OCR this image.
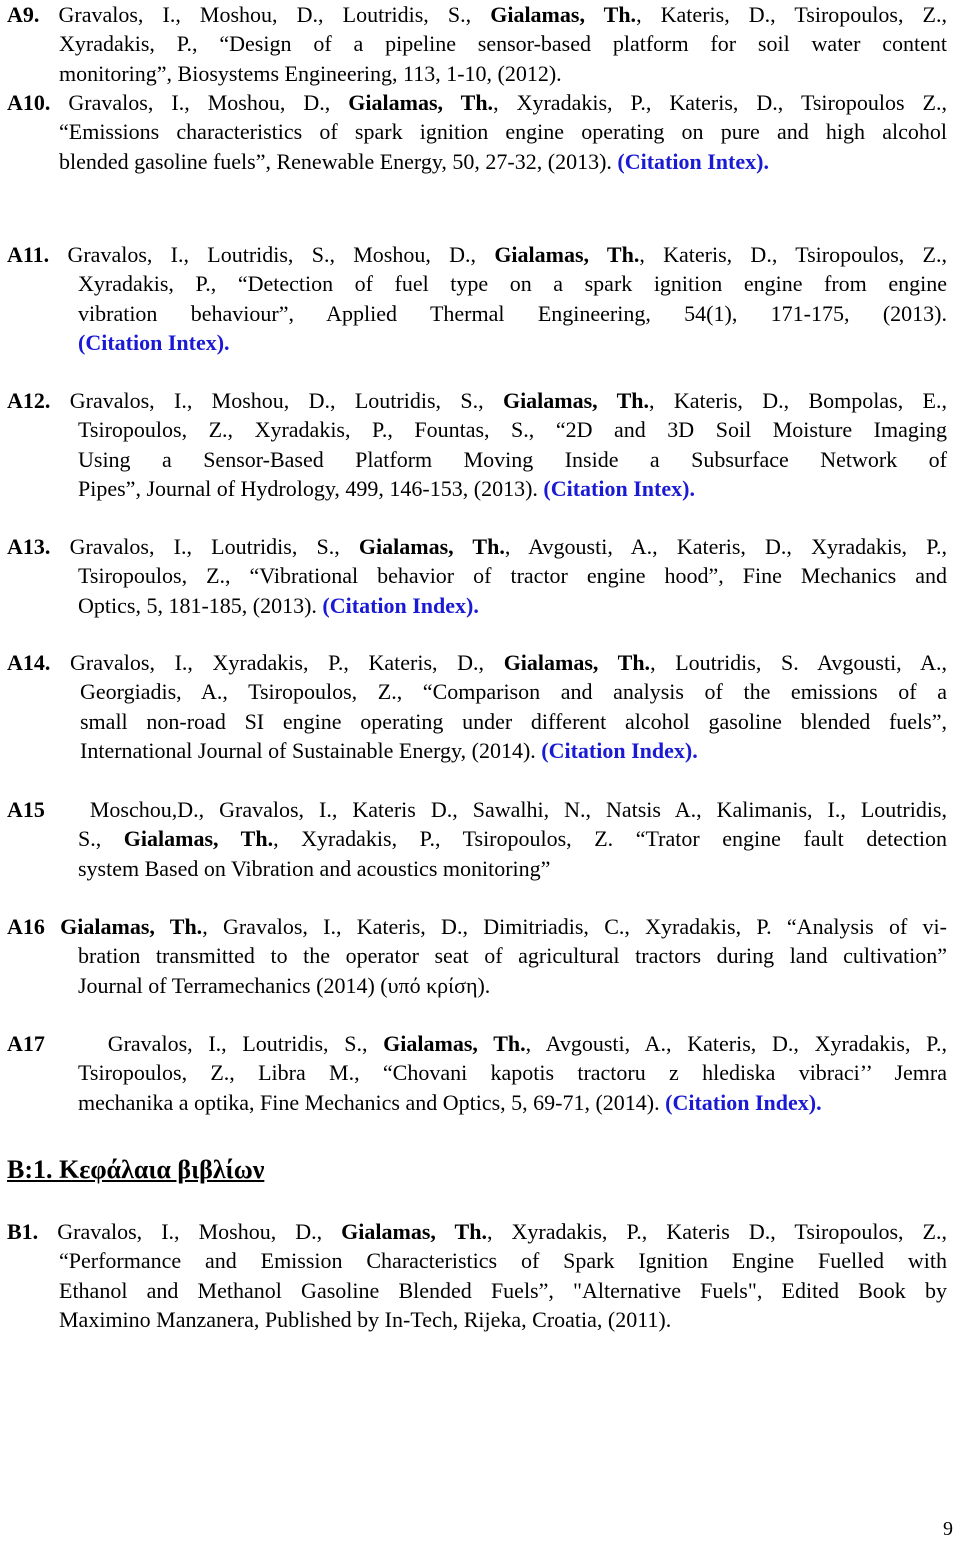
A9. Gravalos, I., Moshou, D., Loutridis, S., Gialamas, Th., Kateris, D., Tsiropoulos, Z.,
Xyradakis, P., “Design of a pipeline sensor-based platform for soil water content
monitoring”, Biosystems Engineering, 113, 1-10, (2012).
A10. Gravalos, I., Moshou, D., Gialamas, Th., Xyradakis, P., Kateris, D., Tsiropoulos Z.,
“Emissions characteristics of spark ignition engine operating on pure and high alcohol
blended gasoline fuels”, Renewable Energy, 50, 27-32, (2013). (Citation Intex).
A11. Gravalos, I., Loutridis, S., Moshou, D., Gialamas, Th., Kateris, D., Tsiropoulos, Z.,
Xyradakis, P., “Detection of fuel type on a spark ignition engine from engine
vibration behaviour”, Applied Thermal Engineering, 54(1), 171-175, (2013).
(Citation Intex).
A12. Gravalos, I., Moshou, D., Loutridis, S., Gialamas, Th., Kateris, D., Bompolas, E.,
Tsiropoulos, Z., Xyradakis, P., Fountas, S., “2D and 3D Soil Moisture Imaging
Using a Sensor-Based Platform Moving Inside a Subsurface Network of
Pipes”, Journal of Hydrology, 499, 146-153, (2013). (Citation Intex).
A13. Gravalos, I., Loutridis, S., Gialamas, Th., Avgousti, A., Kateris, D., Xyradakis, P.,
Tsiropoulos, Z., “Vibrational behavior of tractor engine hood”, Fine Mechanics and
Optics, 5, 181-185, (2013). (Citation Index).
A14. Gravalos, I., Xyradakis, P., Kateris, D., Gialamas, Th., Loutridis, S. Avgousti, A.,
Georgiadis, A., Tsiropoulos, Z., “Comparison and analysis of the emissions of a
small non-road SI engine operating under different alcohol gasoline blended fuels”,
International Journal of Sustainable Energy, (2014). (Citation Index).
A15   Moschou,D., Gravalos, I., Kateris D., Sawalhi, N., Natsis A., Kalimanis, I., Loutridis,
S., Gialamas, Th., Xyradakis, P., Tsiropoulos, Z. “Trator engine fault detection
system Based on Vibration and acoustics monitoring”
A16 Gialamas, Th., Gravalos, I., Kateris, D., Dimitriadis, C., Xyradakis, P. “Analysis of vi-
bration transmitted to the operator seat of agricultural tractors during land cultivation”
Journal of Terramechanics (2014) (υπό κρίση).
A17    Gravalos, I., Loutridis, S., Gialamas, Th., Avgousti, A., Kateris, D., Xyradakis, P.,
Tsiropoulos, Z., Libra M., “Chovani kapotis tractoru z hlediska vibraci’’ Jemra
mechanika a optika, Fine Mechanics and Optics, 5, 69-71, (2014). (Citation Index).
B:1. Κεφάλαια βιβλίων
B1. Gravalos, I., Moshou, D., Gialamas, Th., Xyradakis, P., Kateris D., Tsiropoulos, Z.,
“Performance and Emission Characteristics of Spark Ignition Engine Fuelled with
Ethanol and Methanol Gasoline Blended Fuels”, "Alternative Fuels", Edited Book by
Maximino Manzanera, Published by In-Tech, Rijeka, Croatia, (2011).
9
